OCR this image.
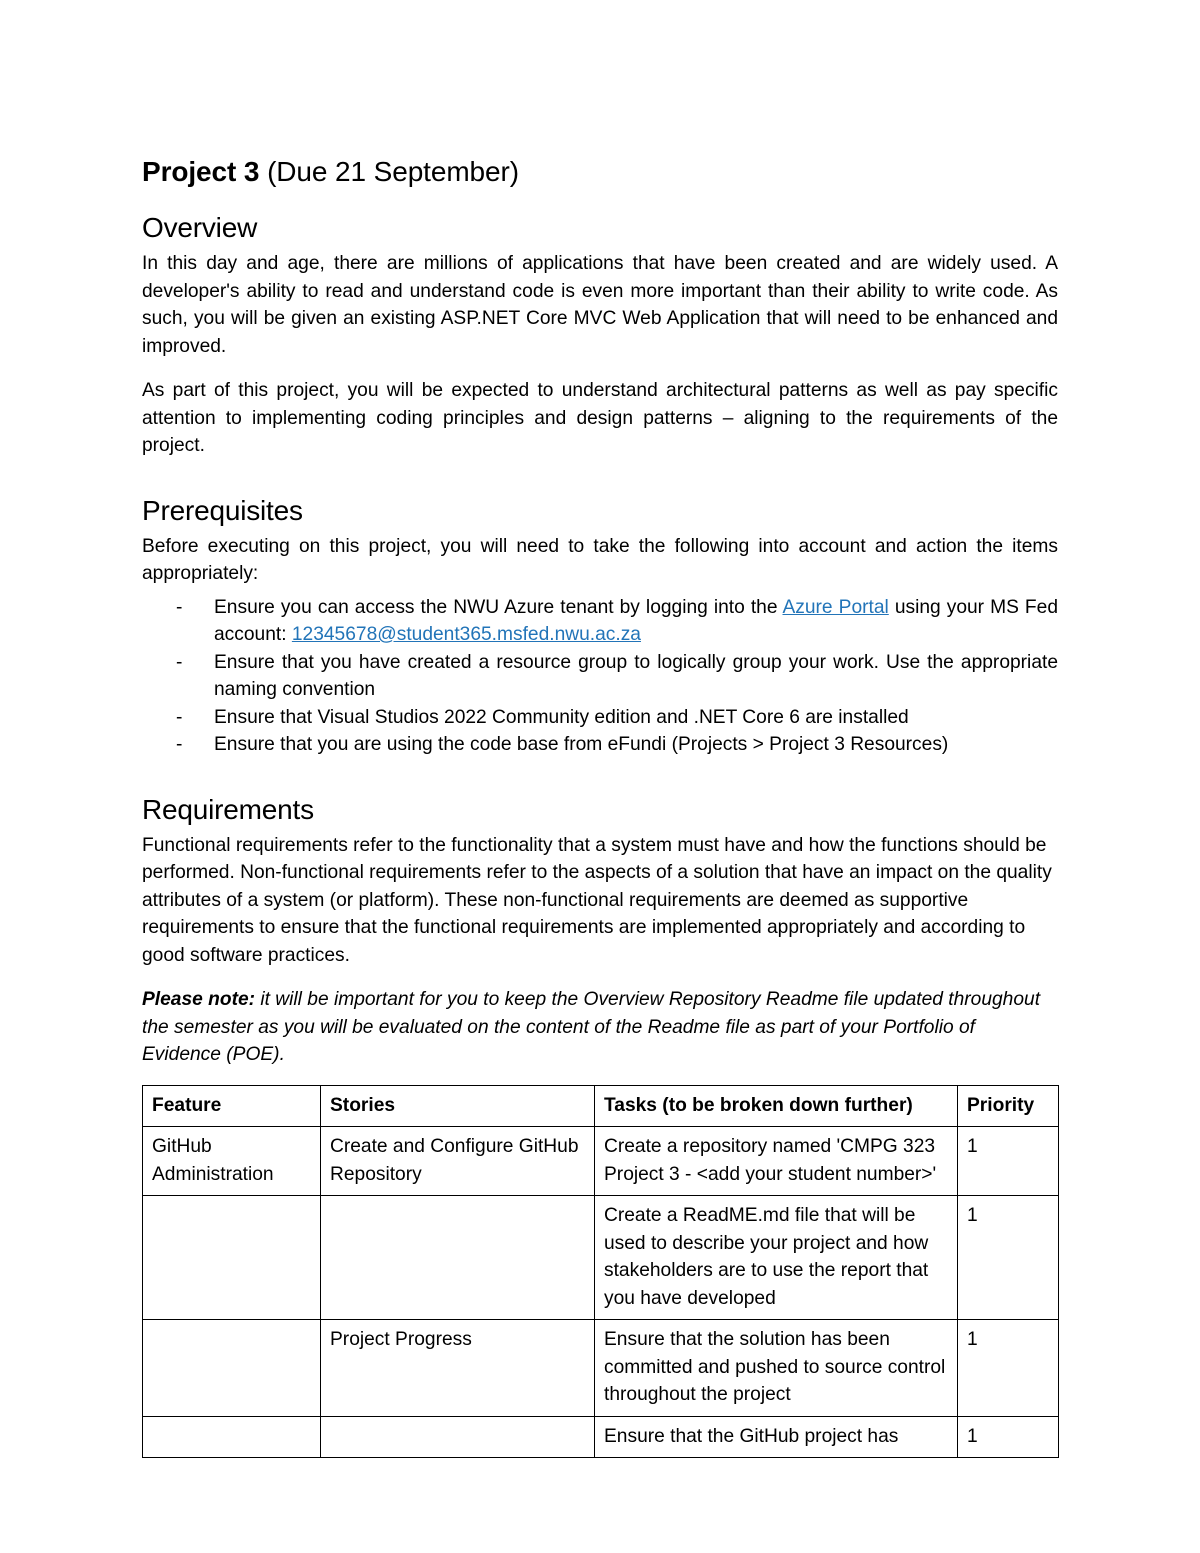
Project 3 (Due 21 September)
Overview

In this day and age, there are millions of applications that have been created and are widely used. A developer's ability to read and understand code is even more important than their ability to write code. As such, you will be given an existing ASP.NET Core MVC Web Application that will need to be enhanced and improved.

As part of this project, you will be expected to understand architectural patterns as well as pay specific attention to implementing coding principles and design patterns – aligning to the requirements of the project.

Prerequisites

Before executing on this project, you will need to take the following into account and action the items appropriately:

- Ensure you can access the NWU Azure tenant by logging into the Azure Portal using your MS Fed account: 12345678@student365.msfed.nwu.ac.za
- Ensure that you have created a resource group to logically group your work. Use the appropriate naming convention
- Ensure that Visual Studios 2022 Community edition and .NET Core 6 are installed
- Ensure that you are using the code base from eFundi (Projects > Project 3 Resources)
Requirements

Functional requirements refer to the functionality that a system must have and how the functions should be performed. Non-functional requirements refer to the aspects of a solution that have an impact on the quality attributes of a system (or platform). These non-functional requirements are deemed as supportive requirements to ensure that the functional requirements are implemented appropriately and according to good software practices.

Please note: it will be important for you to keep the Overview Repository Readme file updated throughout the semester as you will be evaluated on the content of the Readme file as part of your Portfolio of Evidence (POE).

Feature	Stories	Tasks (to be broken down further)	Priority
GitHub Administration	Create and Configure GitHub Repository	Create a repository named 'CMPG 323 Project 3 - <add your student number>'	1
		Create a ReadME.md file that will be used to describe your project and how stakeholders are to use the report that you have developed	1
	Project Progress	Ensure that the solution has been committed and pushed to source control throughout the project	1
		Ensure that the GitHub project has	1
